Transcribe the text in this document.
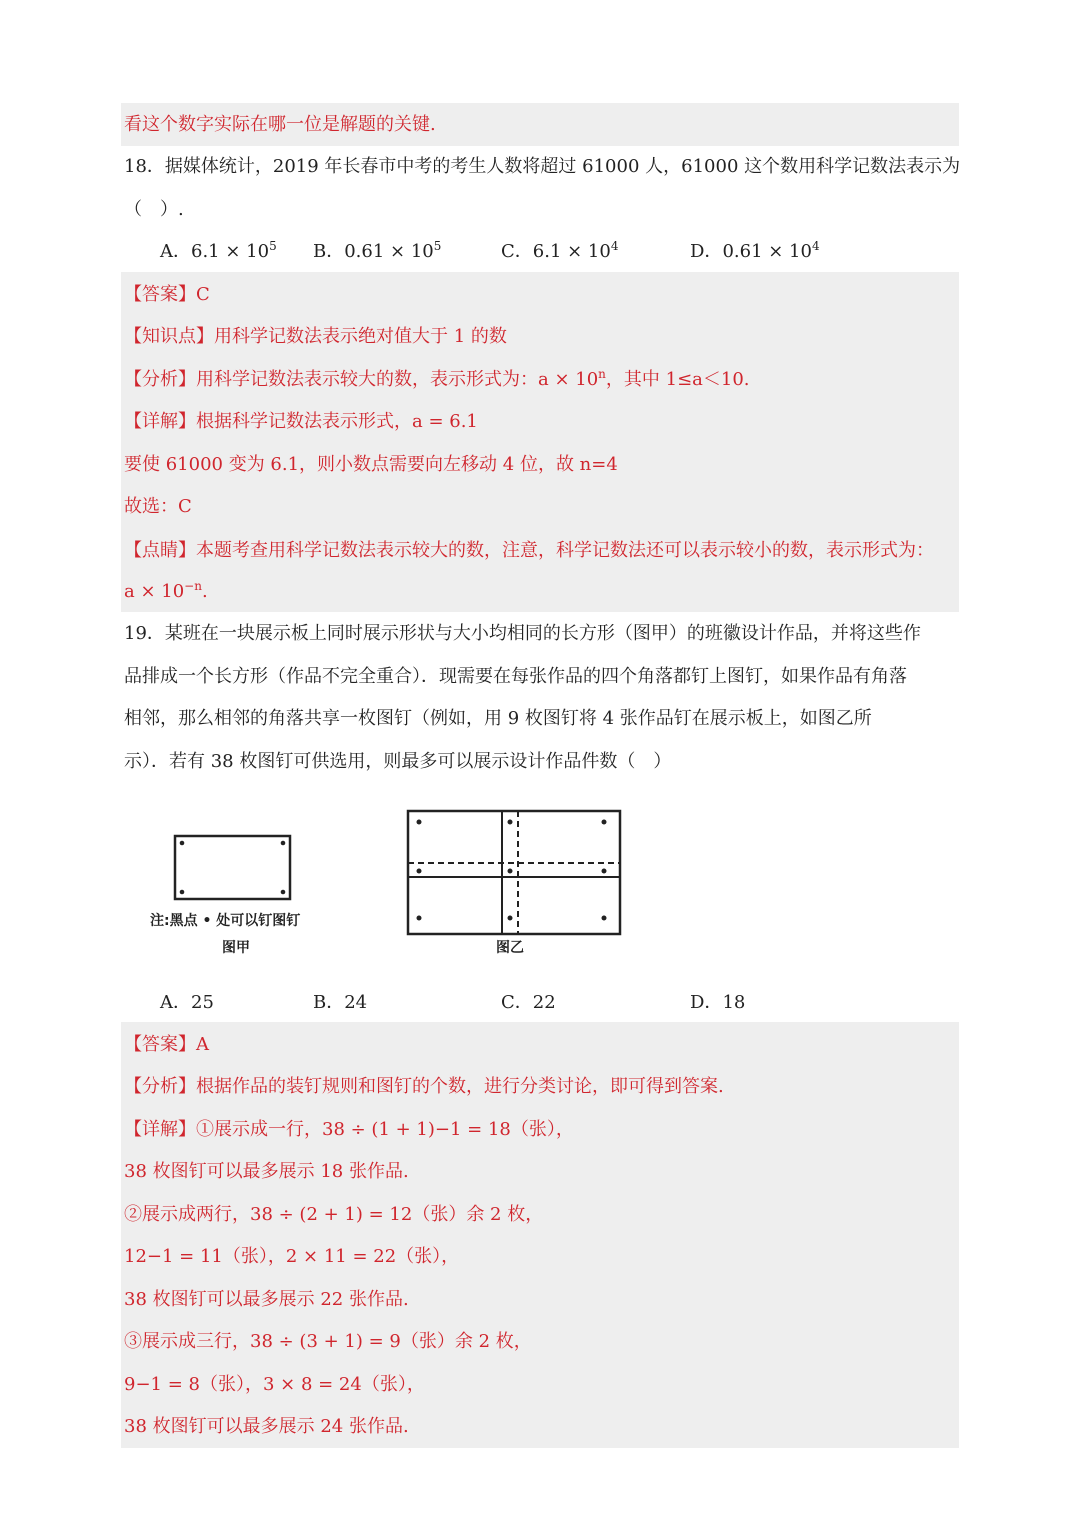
看这个数字实际在哪一位是解题的关键.
18．据媒体统计，2019 年长春市中考的考生人数将超过 61000 人，61000 这个数用科学记数法表示为
（　）.
A．$6.1 \times 10^5$ B．$0.61 \times 10^5$	C．$6.1 \times 10^4$	D．$0.61 \times 10^4$
【答案】C
【知识点】用科学记数法表示绝对值大于 1 的数
【分析】用科学记数法表示较大的数，表示形式为：$a \times 10^n$，其中 1≤a＜10.
【详解】根据科学记数法表示形式，a = 6.1
要使 61000 变为 6.1，则小数点需要向左移动 4 位，故 n=4
故选：C
【点睛】本题考查用科学记数法表示较大的数，注意，科学记数法还可以表示较小的数，表示形式为：
$a \times 10^{-n}$.
19．某班在一块展示板上同时展示形状与大小均相同的长方形（图甲）的班徽设计作品，并将这些作
品排成一个长方形（作品不完全重合）．现需要在每张作品的四个角落都钉上图钉，如果作品有角落
相邻，那么相邻的角落共享一枚图钉（例如，用 9 枚图钉将 4 张作品钉在展示板上，如图乙所
示）．若有 38 枚图钉可供选用，则最多可以展示设计作品件数（　）
注:黑点 • 处可以钉图钉
图甲	图乙
A．25	B．24	C．22	D．18
【答案】A
【分析】根据作品的装钉规则和图钉的个数，进行分类讨论，即可得到答案.
【详解】①展示成一行，38 ÷ (1 + 1)−1 = 18（张），
38 枚图钉可以最多展示 18 张作品.
②展示成两行，38 ÷ (2 + 1) = 12（张）余 2 枚，
12−1 = 11（张），2 × 11 = 22（张），
38 枚图钉可以最多展示 22 张作品.
③展示成三行，38 ÷ (3 + 1) = 9（张）余 2 枚，
9−1 = 8（张），3 × 8 = 24（张），
38 枚图钉可以最多展示 24 张作品.
